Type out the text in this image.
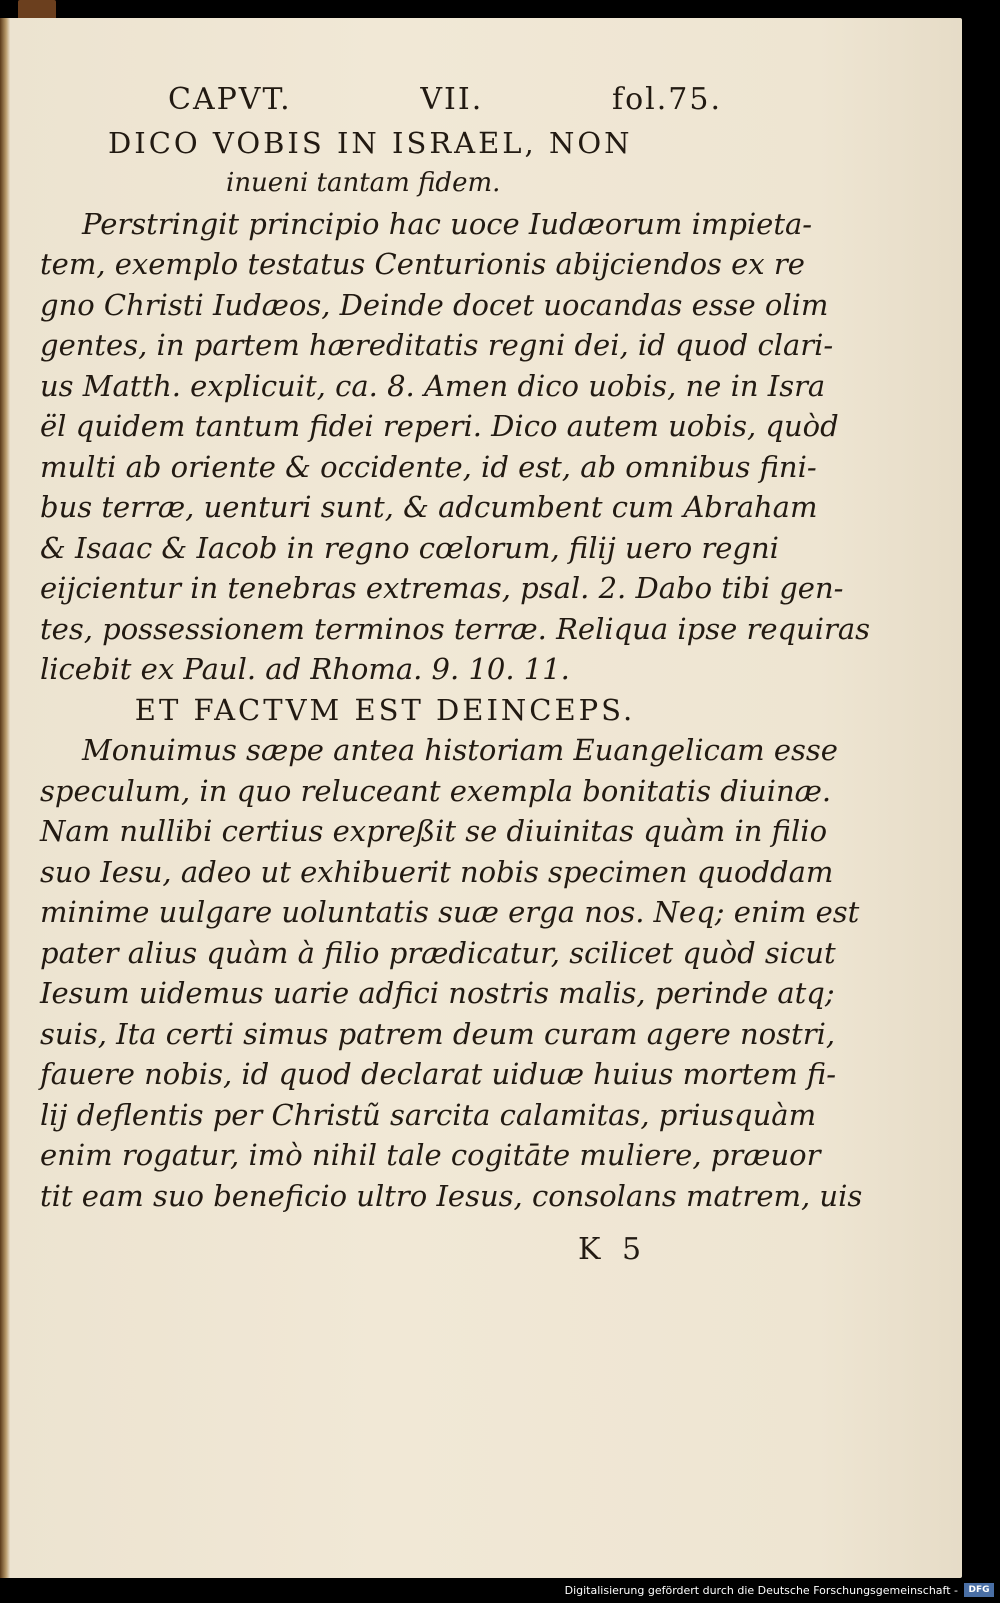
CAPVT.	VII.	fol.75.
DICO VOBIS IN ISRAEL, NON
inueni tantam fidem.
Perstringit principio hac uoce Iudæorum impieta-
tem, exemplo testatus Centurionis abijciendos ex re
gno Christi Iudæos, Deinde docet uocandas esse olim
gentes, in partem hæreditatis regni dei, id quod clari-
us Matth. explicuit, ca. 8. Amen dico uobis, ne in Isra
ël quidem tantum fidei reperi. Dico autem uobis, quòd
multi ab oriente & occidente, id est, ab omnibus fini-
bus terræ, uenturi sunt, & adcumbent cum Abraham
& Isaac & Iacob in regno cœlorum, filij uero regni
eijcientur in tenebras extremas, psal. 2. Dabo tibi gen-
tes, possessionem terminos terræ. Reliqua ipse requiras
licebit ex Paul. ad Rhoma. 9. 10. 11.
ET FACTVM EST DEINCEPS.
Monuimus sæpe antea historiam Euangelicam esse
speculum, in quo reluceant exempla bonitatis diuinæ.
Nam nullibi certius expreßit se diuinitas quàm in filio
suo Iesu, adeo ut exhibuerit nobis specimen quoddam
minime uulgare uoluntatis suæ erga nos. Neq; enim est
pater alius quàm à filio prædicatur, scilicet quòd sicut
Iesum uidemus uarie adfici nostris malis, perinde atq;
suis, Ita certi simus patrem deum curam agere nostri,
fauere nobis, id quod declarat uiduæ huius mortem fi-
lij deflentis per Christũ sarcita calamitas, priusquàm
enim rogatur, imò nihil tale cogitāte muliere, præuor
tit eam suo beneficio ultro Iesus, consolans matrem, uis
K 5
Digitalisierung gefördert durch die Deutsche Forschungsgemeinschaft -	DFG
